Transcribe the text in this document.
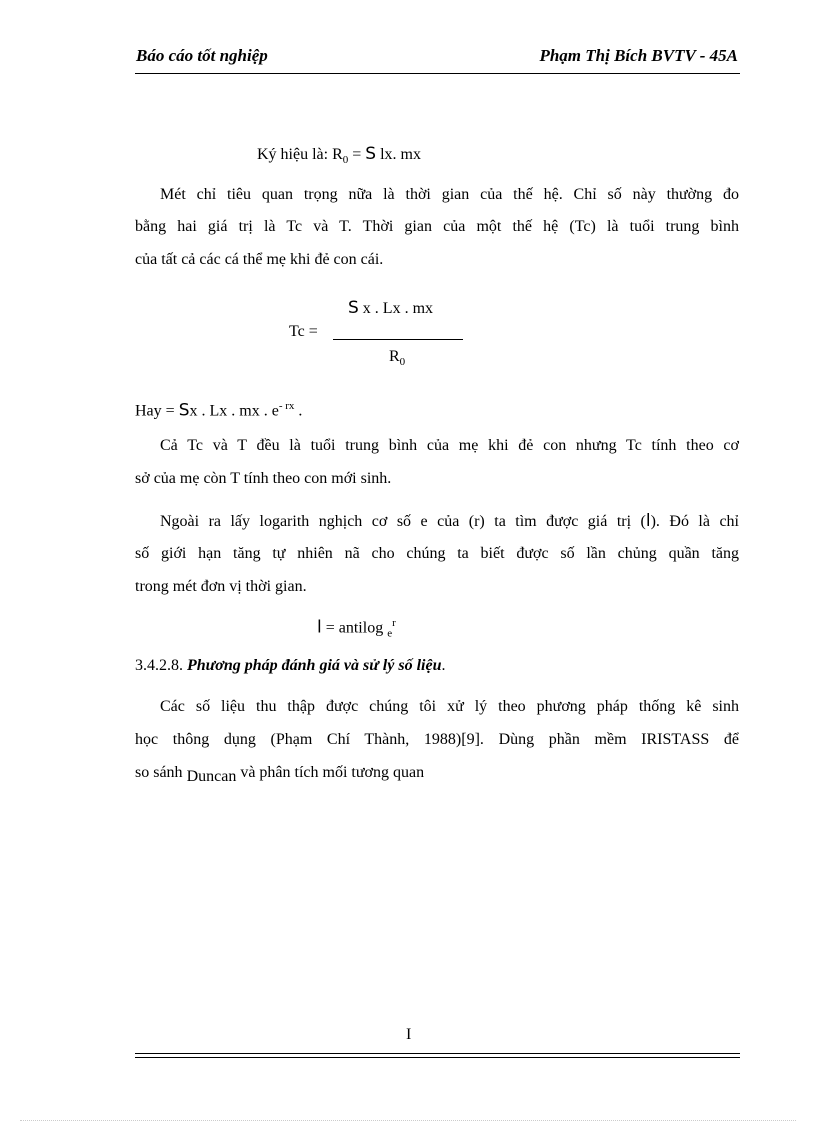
Báo cáo tốt nghiệp	Phạm Thị Bích BVTV - 45A
Ký hiệu là: $R_0 = S$ lx. mx
Mét chỉ tiêu quan trọng nữa là thời gian của thế hệ. Chỉ số này thường đo
bằng hai giá trị là Tc và T. Thời gian của một thế hệ (Tc) là tuổi trung bình
của tất cả các cá thể mẹ khi đẻ con cái.
S x . Lx . mx
Tc =
$R_0$
Hay = Sx . Lx . mx . $e^{- rx}$ .
Cả Tc và T đều là tuổi trung bình của mẹ khi đẻ con nhưng Tc tính theo cơ
sở của mẹ còn T tính theo con mới sinh.
Ngoài ra lấy logarith nghịch cơ số e của (r) ta tìm được giá trị (l). Đó là chỉ
số giới hạn tăng tự nhiên nã cho chúng ta biết được số lần chủng quần tăng
trong mét đơn vị thời gian.
l = antilog $_e^r$
3.4.2.8. Phương pháp đánh giá và sử lý số liệu.
Các số liệu thu thập được chúng tôi xử lý theo phương pháp thống kê sinh
học thông dụng (Phạm Chí Thành, 1988)[9]. Dùng phần mềm IRISTASS để
so sánh Duncan và phân tích mối tương quan
I
